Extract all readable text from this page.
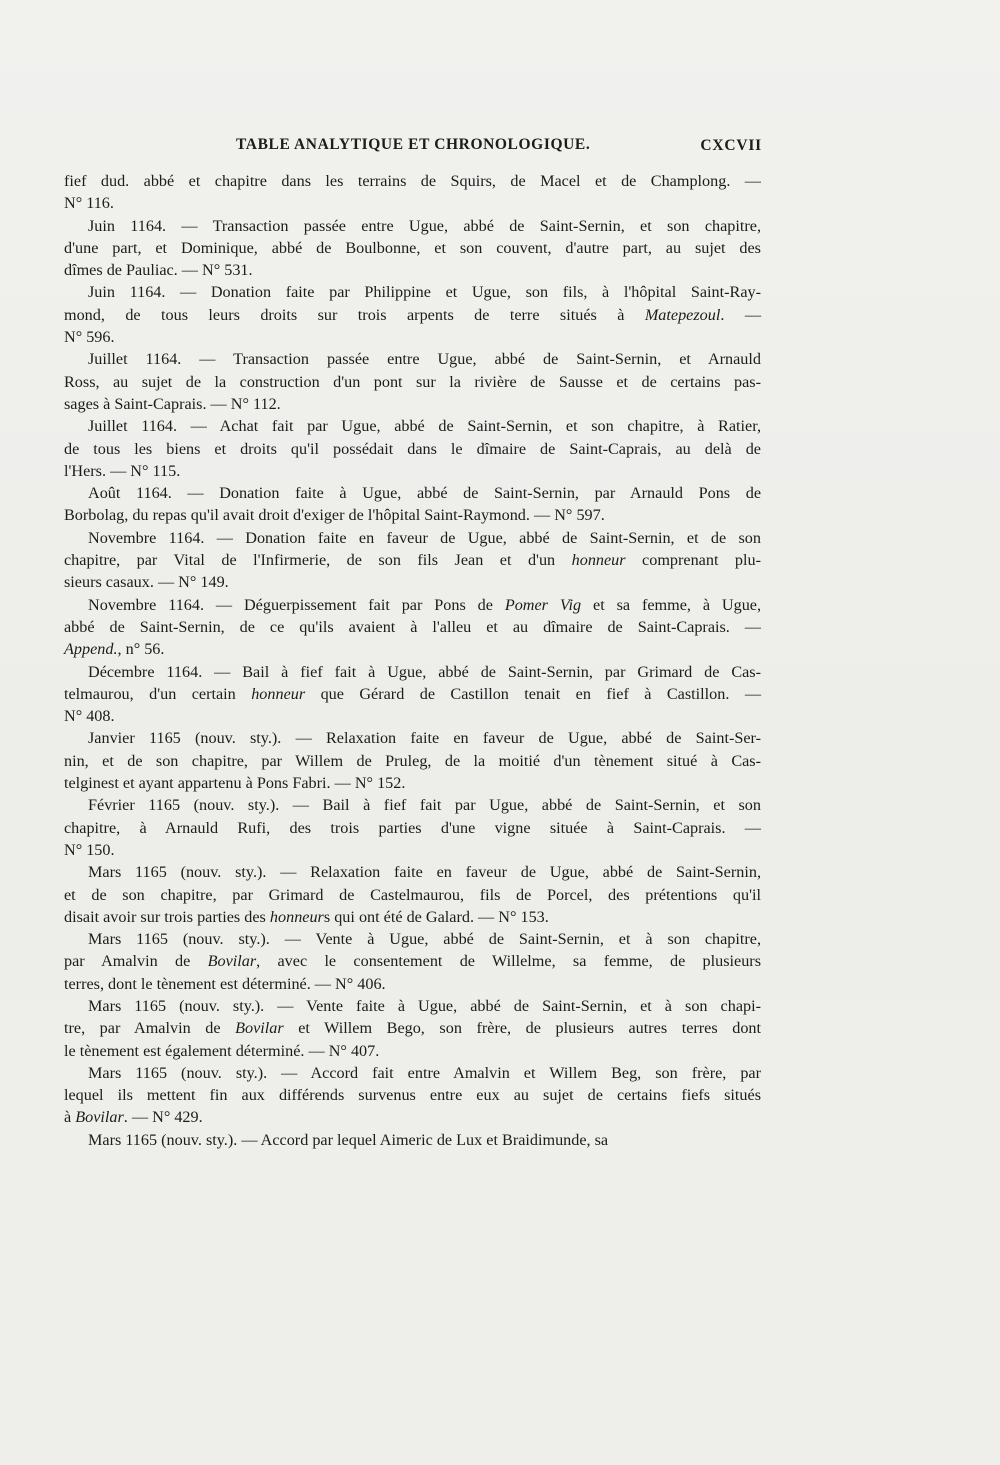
TABLE ANALYTIQUE ET CHRONOLOGIQUE.	CXCVII
fief dud. abbé et chapitre dans les terrains de Squirs, de Macel et de Champlong. —
N° 116.
Juin 1164. — Transaction passée entre Ugue, abbé de Saint-Sernin, et son chapitre,
d'une part, et Dominique, abbé de Boulbonne, et son couvent, d'autre part, au sujet des
dîmes de Pauliac. — N° 531.
Juin 1164. — Donation faite par Philippine et Ugue, son fils, à l'hôpital Saint-Ray-
mond, de tous leurs droits sur trois arpents de terre situés à Matepezoul. —
N° 596.
Juillet 1164. — Transaction passée entre Ugue, abbé de Saint-Sernin, et Arnauld
Ross, au sujet de la construction d'un pont sur la rivière de Sausse et de certains pas-
sages à Saint-Caprais. — N° 112.
Juillet 1164. — Achat fait par Ugue, abbé de Saint-Sernin, et son chapitre, à Ratier,
de tous les biens et droits qu'il possédait dans le dîmaire de Saint-Caprais, au delà de
l'Hers. — N° 115.
Août 1164. — Donation faite à Ugue, abbé de Saint-Sernin, par Arnauld Pons de
Borbolag, du repas qu'il avait droit d'exiger de l'hôpital Saint-Raymond. — N° 597.
Novembre 1164. — Donation faite en faveur de Ugue, abbé de Saint-Sernin, et de son
chapitre, par Vital de l'Infirmerie, de son fils Jean et d'un honneur comprenant plu-
sieurs casaux. — N° 149.
Novembre 1164. — Déguerpissement fait par Pons de Pomer Vig et sa femme, à Ugue,
abbé de Saint-Sernin, de ce qu'ils avaient à l'alleu et au dîmaire de Saint-Caprais. —
Append., n° 56.
Décembre 1164. — Bail à fief fait à Ugue, abbé de Saint-Sernin, par Grimard de Cas-
telmaurou, d'un certain honneur que Gérard de Castillon tenait en fief à Castillon. —
N° 408.
Janvier 1165 (nouv. sty.). — Relaxation faite en faveur de Ugue, abbé de Saint-Ser-
nin, et de son chapitre, par Willem de Pruleg, de la moitié d'un tènement situé à Cas-
telginest et ayant appartenu à Pons Fabri. — N° 152.
Février 1165 (nouv. sty.). — Bail à fief fait par Ugue, abbé de Saint-Sernin, et son
chapitre, à Arnauld Rufi, des trois parties d'une vigne située à Saint-Caprais. —
N° 150.
Mars 1165 (nouv. sty.). — Relaxation faite en faveur de Ugue, abbé de Saint-Sernin,
et de son chapitre, par Grimard de Castelmaurou, fils de Porcel, des prétentions qu'il
disait avoir sur trois parties des honneurs qui ont été de Galard. — N° 153.
Mars 1165 (nouv. sty.). — Vente à Ugue, abbé de Saint-Sernin, et à son chapitre,
par Amalvin de Bovilar, avec le consentement de Willelme, sa femme, de plusieurs
terres, dont le tènement est déterminé. — N° 406.
Mars 1165 (nouv. sty.). — Vente faite à Ugue, abbé de Saint-Sernin, et à son chapi-
tre, par Amalvin de Bovilar et Willem Bego, son frère, de plusieurs autres terres dont
le tènement est également déterminé. — N° 407.
Mars 1165 (nouv. sty.). — Accord fait entre Amalvin et Willem Beg, son frère, par
lequel ils mettent fin aux différends survenus entre eux au sujet de certains fiefs situés
à Bovilar. — N° 429.
Mars 1165 (nouv. sty.). — Accord par lequel Aimeric de Lux et Braidimunde, sa
